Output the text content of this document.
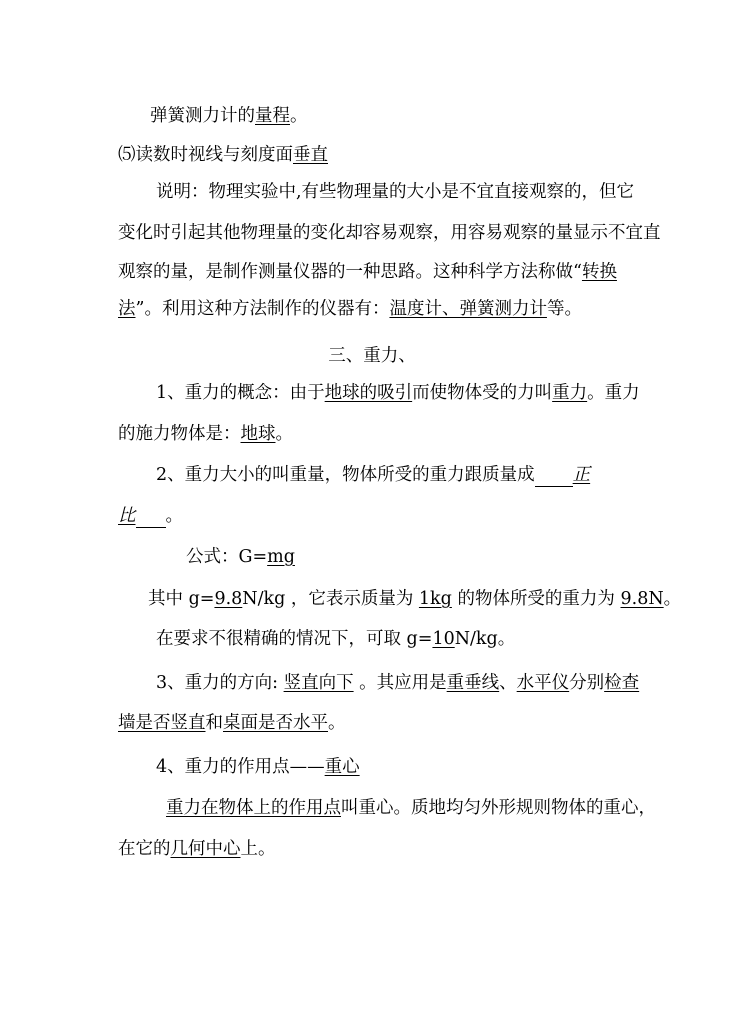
弹簧测力计的量程。
⑸读数时视线与刻度面垂直
说明：物理实验中,有些物理量的大小是不宜直接观察的，但它
变化时引起其他物理量的变化却容易观察，用容易观察的量显示不宜直
观察的量，是制作测量仪器的一种思路。这种科学方法称做“转换
法”。利用这种方法制作的仪器有：温度计、弹簧测力计等。
三、重力、
1、重力的概念：由于地球的吸引而使物体受的力叫重力。重力
的施力物体是：地球。
2、重力大小的叫重量，物体所受的重力跟质量成 正
比 。
公式：G=mg
其中 g=9.8N/kg ，它表示质量为 1kg 的物体所受的重力为 9.8N。
在要求不很精确的情况下，可取 g=10N/kg。
3、重力的方向: 竖直向下 。其应用是重垂线、水平仪分别检查
墙是否竖直和桌面是否水平。
4、重力的作用点——重心
重力在物体上的作用点叫重心。质地均匀外形规则物体的重心，
在它的几何中心上。
